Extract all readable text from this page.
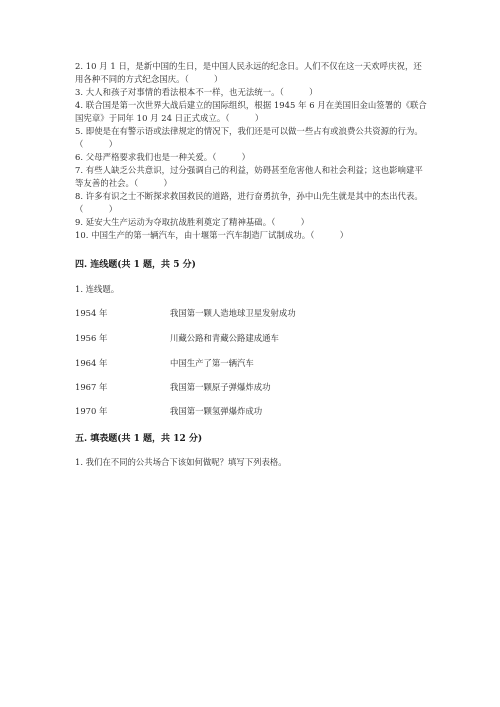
2. 10 月 1 日，是新中国的生日，是中国人民永远的纪念日。人们不仅在这一天欢呼庆祝，还用各种不同的方式纪念国庆。（　　　）
3. 大人和孩子对事情的看法根本不一样，也无法统一。（　　　）
4. 联合国是第一次世界大战后建立的国际组织，根据 1945 年 6 月在美国旧金山签署的《联合国宪章》于同年 10 月 24 日正式成立。（　　　）
5. 即使是在有警示语或法律规定的情况下，我们还是可以做一些占有或浪费公共资源的行为。（　　　）
6. 父母严格要求我们也是一种关爱。（　　　）
7. 有些人缺乏公共意识，过分强调自己的利益，妨碍甚至危害他人和社会利益；这也影响建平等友善的社会。（　　　）
8. 许多有识之士不断探求救国救民的道路，进行奋勇抗争，孙中山先生就是其中的杰出代表。（　　　）
9. 延安大生产运动为夺取抗战胜利奠定了精神基础。（　　　）
10. 中国生产的第一辆汽车，由十堰第一汽车制造厂试制成功。（　　　）
四. 连线题(共 1 题，共 5 分)
1. 连线题。
1954 年	我国第一颗人造地球卫星发射成功
1956 年	川藏公路和青藏公路建成通车
1964 年	中国生产了第一辆汽车
1967 年	我国第一颗原子弹爆炸成功
1970 年	我国第一颗氢弹爆炸成功
五. 填表题(共 1 题，共 12 分)
1. 我们在不同的公共场合下该如何做呢？填写下列表格。
